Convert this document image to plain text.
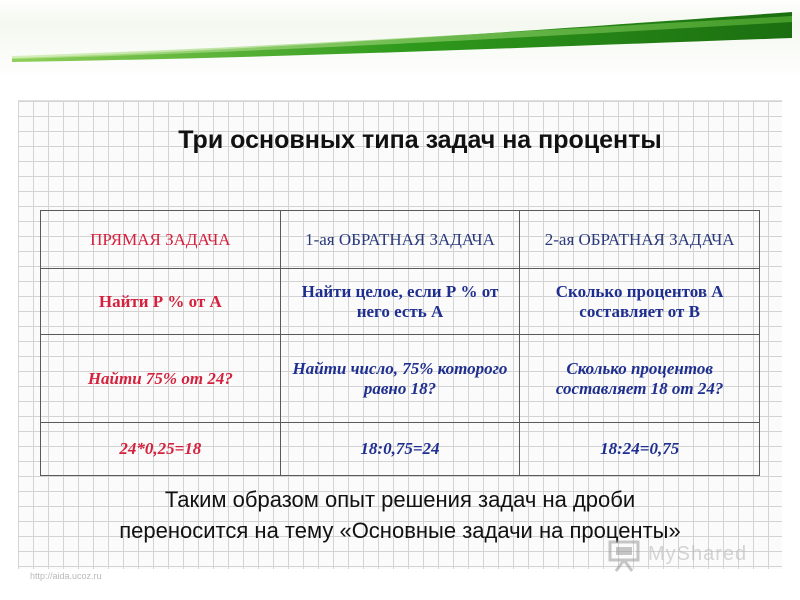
Три основных типа задач на проценты
ПРЯМАЯ ЗАДАЧА	1-ая ОБРАТНАЯ ЗАДАЧА	2-ая ОБРАТНАЯ ЗАДАЧА
Найти Р % от А	Найти целое, если Р % от него есть А	Сколько процентов А составляет от В
Найти 75% от 24?	Найти число, 75% которого равно 18?	Сколько процентов составляет 18 от 24?
24*0,25=18	18:0,75=24	18:24=0,75
Таким образом опыт решения задач на дроби
переносится на тему «Основные задачи на проценты»
http://aida.ucoz.ru
MyShared
